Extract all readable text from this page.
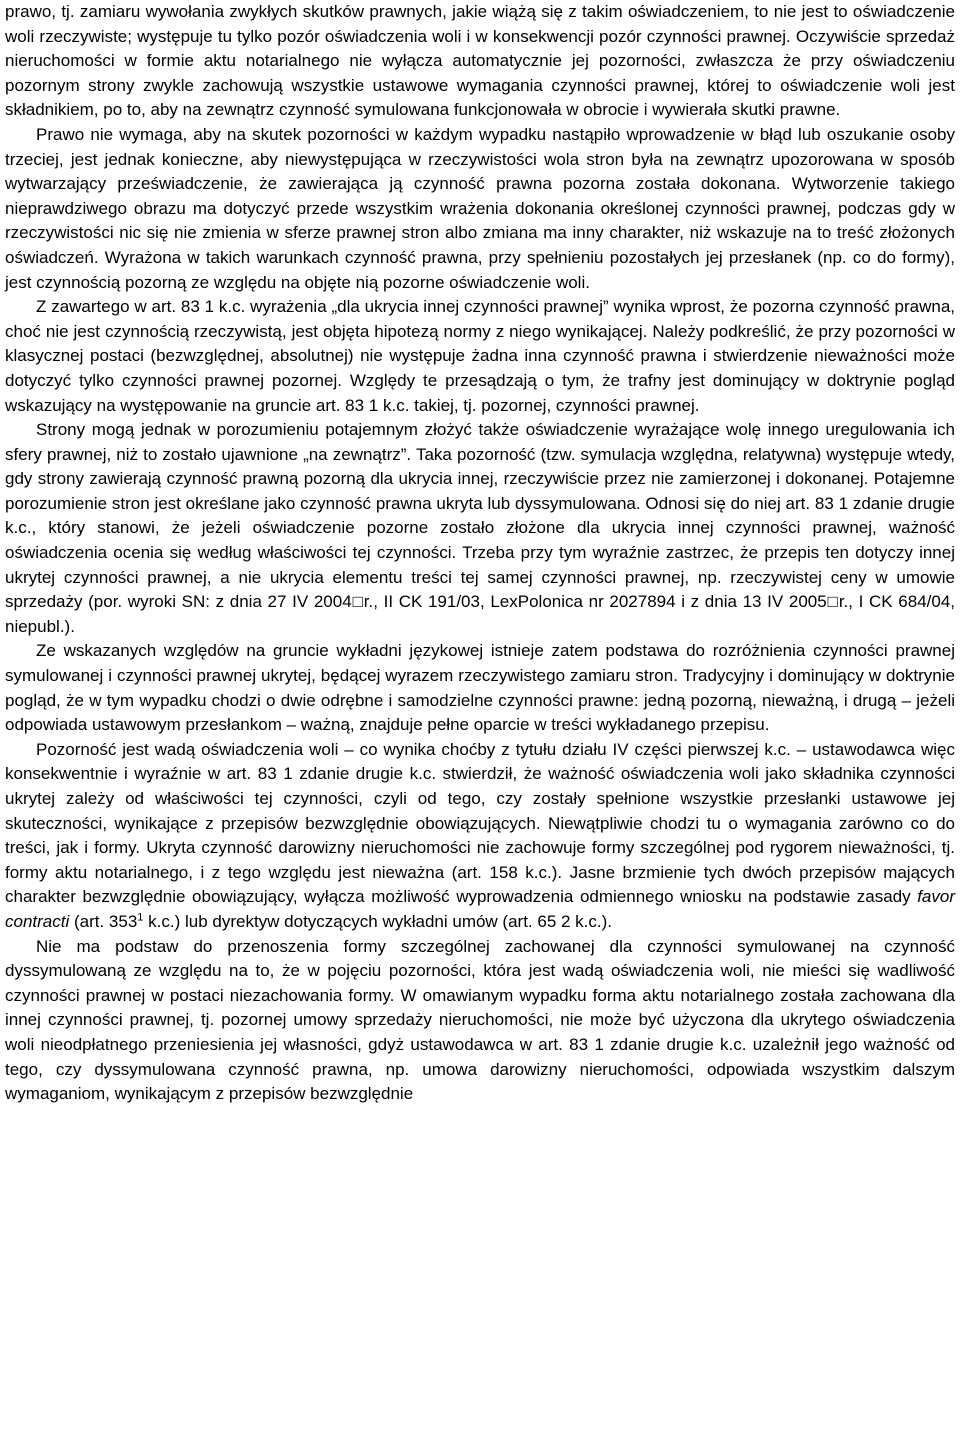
prawo, tj. zamiaru wywołania zwykłych skutków prawnych, jakie wiążą się z takim oświadczeniem, to nie jest to oświadczenie woli rzeczywiste; występuje tu tylko pozór oświadczenia woli i w konsekwencji pozór czynności prawnej. Oczywiście sprzedaż nieruchomości w formie aktu notarialnego nie wyłącza automatycznie jej pozorności, zwłaszcza że przy oświadczeniu pozornym strony zwykle zachowują wszystkie ustawowe wymagania czynności prawnej, której to oświadczenie woli jest składnikiem, po to, aby na zewnątrz czynność symulowana funkcjonowała w obrocie i wywierała skutki prawne.

Prawo nie wymaga, aby na skutek pozorności w każdym wypadku nastąpiło wprowadzenie w błąd lub oszukanie osoby trzeciej, jest jednak konieczne, aby niewystępująca w rzeczywistości wola stron była na zewnątrz upozorowana w sposób wytwarzający przeświadczenie, że zawierająca ją czynność prawna pozorna została dokonana. Wytworzenie takiego nieprawdziwego obrazu ma dotyczyć przede wszystkim wrażenia dokonania określonej czynności prawnej, podczas gdy w rzeczywistości nic się nie zmienia w sferze prawnej stron albo zmiana ma inny charakter, niż wskazuje na to treść złożonych oświadczeń. Wyrażona w takich warunkach czynność prawna, przy spełnieniu pozostałych jej przesłanek (np. co do formy), jest czynnością pozorną ze względu na objęte nią pozorne oświadczenie woli.

Z zawartego w art. 83 1 k.c. wyrażenia „dla ukrycia innej czynności prawnej” wynika wprost, że pozorna czynność prawna, choć nie jest czynnością rzeczywistą, jest objęta hipotezą normy z niego wynikającej. Należy podkreślić, że przy pozorności w klasycznej postaci (bezwzględnej, absolutnej) nie występuje żadna inna czynność prawna i stwierdzenie nieważności może dotyczyć tylko czynności prawnej pozornej. Względy te przesądzają o tym, że trafny jest dominujący w doktrynie pogląd wskazujący na występowanie na gruncie art. 83 1 k.c. takiej, tj. pozornej, czynności prawnej.

Strony mogą jednak w porozumieniu potajemnym złożyć także oświadczenie wyrażające wolę innego uregulowania ich sfery prawnej, niż to zostało ujawnione „na zewnątrz”. Taka pozorność (tzw. symulacja względna, relatywna) występuje wtedy, gdy strony zawierają czynność prawną pozorną dla ukrycia innej, rzeczywiście przez nie zamierzonej i dokonanej. Potajemne porozumienie stron jest określane jako czynność prawna ukryta lub dyssymulowana. Odnosi się do niej art. 83 1 zdanie drugie k.c., który stanowi, że jeżeli oświadczenie pozorne zostało złożone dla ukrycia innej czynności prawnej, ważność oświadczenia ocenia się według właściwości tej czynności. Trzeba przy tym wyraźnie zastrzec, że przepis ten dotyczy innej ukrytej czynności prawnej, a nie ukrycia elementu treści tej samej czynności prawnej, np. rzeczywistej ceny w umowie sprzedaży (por. wyroki SN: z dnia 27 IV 2004□r., II CK 191/03, LexPolonica nr 2027894 i z dnia 13 IV 2005□r., I CK 684/04, niepubl.).

Ze wskazanych względów na gruncie wykładni językowej istnieje zatem podstawa do rozróżnienia czynności prawnej symulowanej i czynności prawnej ukrytej, będącej wyrazem rzeczywistego zamiaru stron. Tradycyjny i dominujący w doktrynie pogląd, że w tym wypadku chodzi o dwie odrębne i samodzielne czynności prawne: jedną pozorną, nieważną, i drugą – jeżeli odpowiada ustawowym przesłankom – ważną, znajduje pełne oparcie w treści wykładanego przepisu.

Pozorność jest wadą oświadczenia woli – co wynika choćby z tytułu działu IV części pierwszej k.c. – ustawodawca więc konsekwentnie i wyraźnie w art. 83 1 zdanie drugie k.c. stwierdził, że ważność oświadczenia woli jako składnika czynności ukrytej zależy od właściwości tej czynności, czyli od tego, czy zostały spełnione wszystkie przesłanki ustawowe jej skuteczności, wynikające z przepisów bezwzględnie obowiązujących. Niewątpliwie chodzi tu o wymagania zarówno co do treści, jak i formy. Ukryta czynność darowizny nieruchomości nie zachowuje formy szczególnej pod rygorem nieważności, tj. formy aktu notarialnego, i z tego względu jest nieważna (art. 158 k.c.). Jasne brzmienie tych dwóch przepisów mających charakter bezwzględnie obowiązujący, wyłącza możliwość wyprowadzenia odmiennego wniosku na podstawie zasady favor contracti (art. $353^1$ k.c.) lub dyrektyw dotyczących wykładni umów (art. 65 2 k.c.).

Nie ma podstaw do przenoszenia formy szczególnej zachowanej dla czynności symulowanej na czynność dyssymulowaną ze względu na to, że w pojęciu pozorności, która jest wadą oświadczenia woli, nie mieści się wadliwość czynności prawnej w postaci niezachowania formy. W omawianym wypadku forma aktu notarialnego została zachowana dla innej czynności prawnej, tj. pozornej umowy sprzedaży nieruchomości, nie może być użyczona dla ukrytego oświadczenia woli nieodpłatnego przeniesienia jej własności, gdyż ustawodawca w art. 83 1 zdanie drugie k.c. uzależnił jego ważność od tego, czy dyssymulowana czynność prawna, np. umowa darowizny nieruchomości, odpowiada wszystkim dalszym wymaganiom, wynikającym z przepisów bezwzględnie
